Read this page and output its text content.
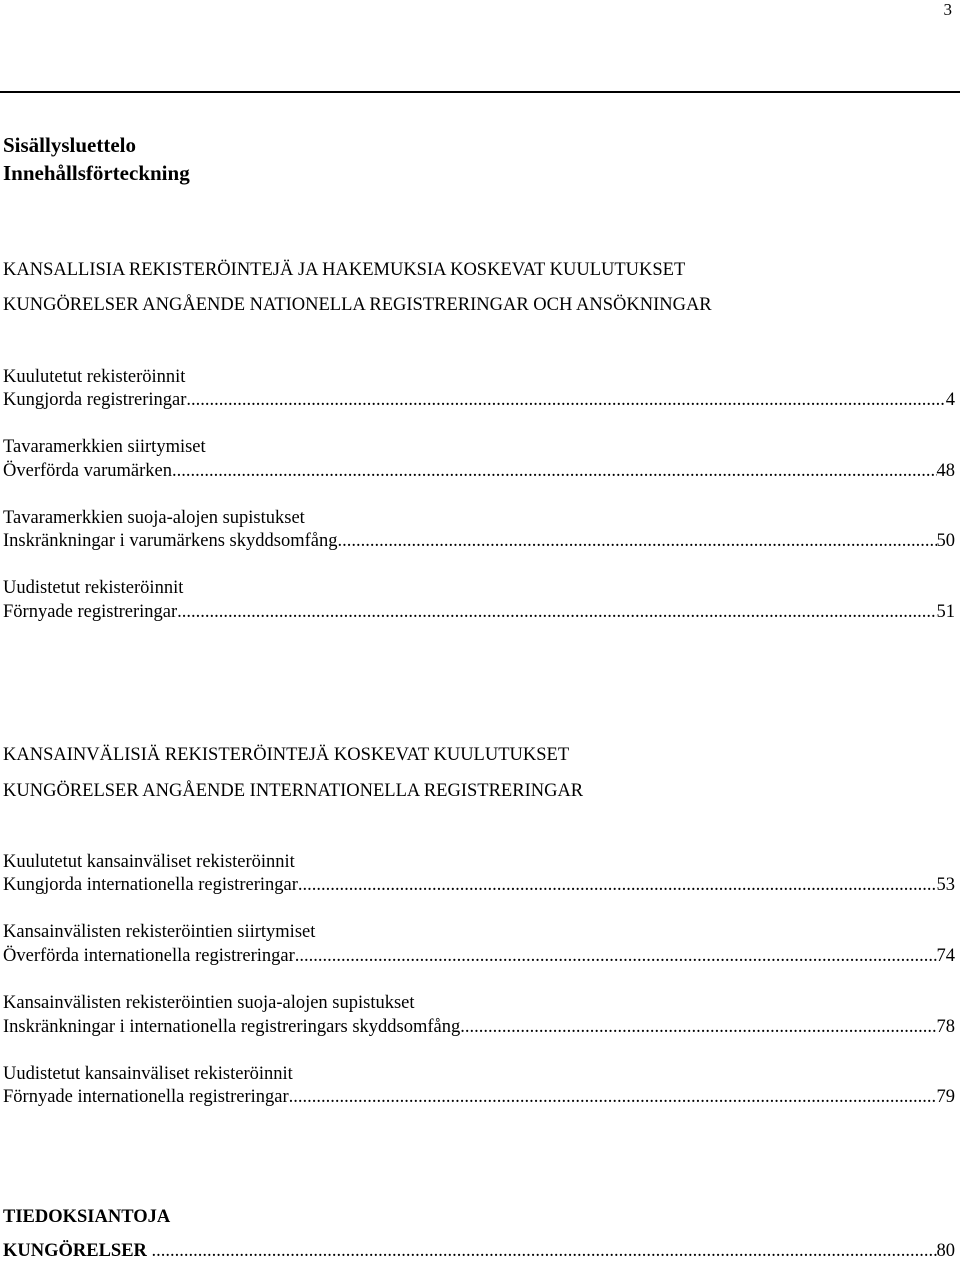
3
Sisällysluettelo
Innehållsförteckning
KANSALLISIA REKISTERÖINTEJÄ JA HAKEMUKSIA KOSKEVAT KUULUTUKSET
KUNGÖRELSER ANGÅENDE NATIONELLA REGISTRERINGAR OCH ANSÖKNINGAR
Kuulutetut rekisteröinnit
Kungjorda registreringar .....	4
Tavaramerkkien siirtymiset
Överförda varumärken .....	48
Tavaramerkkien suoja-alojen supistukset
Inskränkningar i varumärkens skyddsomfång .....	50
Uudistetut rekisteröinnit
Förnyade registreringar .....	51
KANSAINVÄLISIÄ REKISTERÖINTEJÄ KOSKEVAT KUULUTUKSET
KUNGÖRELSER ANGÅENDE INTERNATIONELLA REGISTRERINGAR
Kuulutetut kansainväliset rekisteröinnit
Kungjorda internationella registreringar .....	53
Kansainvälisten rekisteröintien siirtymiset
Överförda internationella registreringar .....	74
Kansainvälisten rekisteröintien suoja-alojen supistukset
Inskränkningar i internationella registreringars skyddsomfång .....	78
Uudistetut kansainväliset rekisteröinnit
Förnyade internationella registreringar .....	79
TIEDOKSIANTOJA
KUNGÖRELSER .....	80
